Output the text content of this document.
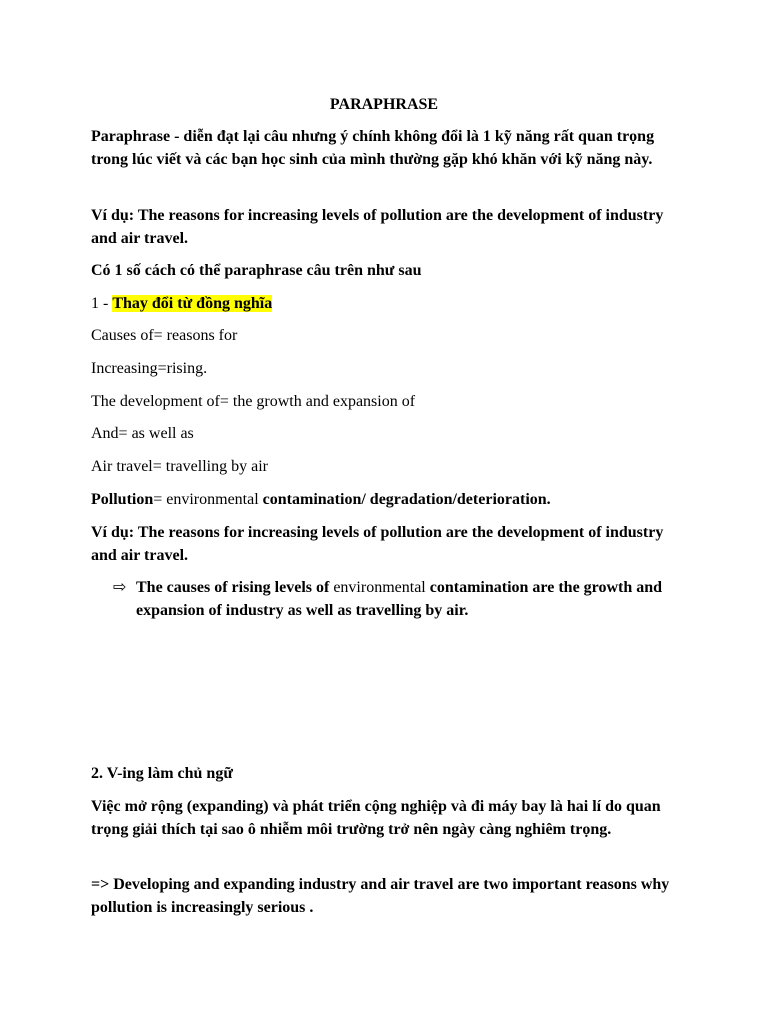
PARAPHRASE
Paraphrase - diễn đạt lại câu nhưng ý chính không đổi là 1 kỹ năng rất quan trọng trong lúc viết và các bạn học sinh của mình thường gặp khó khăn với kỹ năng này.
Ví dụ: The reasons for increasing levels of pollution are the development of industry and air travel.
Có 1 số cách có thể paraphrase câu trên như sau
1 - Thay đổi từ đồng nghĩa
Causes of= reasons for
Increasing=rising.
The development of= the growth and expansion of
And= as well as
Air travel= travelling by air
Pollution= environmental contamination/ degradation/deterioration.
Ví dụ: The reasons for increasing levels of pollution are the development of industry and air travel.
⇨ The causes of rising levels of environmental contamination are the growth and expansion of industry as well as travelling by air.
2. V-ing làm chủ ngữ
Việc mở rộng (expanding) và phát triển cộng nghiệp và đi máy bay là hai lí do quan trọng giải thích tại sao ô nhiễm môi trường trở nên ngày càng nghiêm trọng.
=> Developing and expanding industry and air travel are two important reasons why pollution is increasingly serious .
